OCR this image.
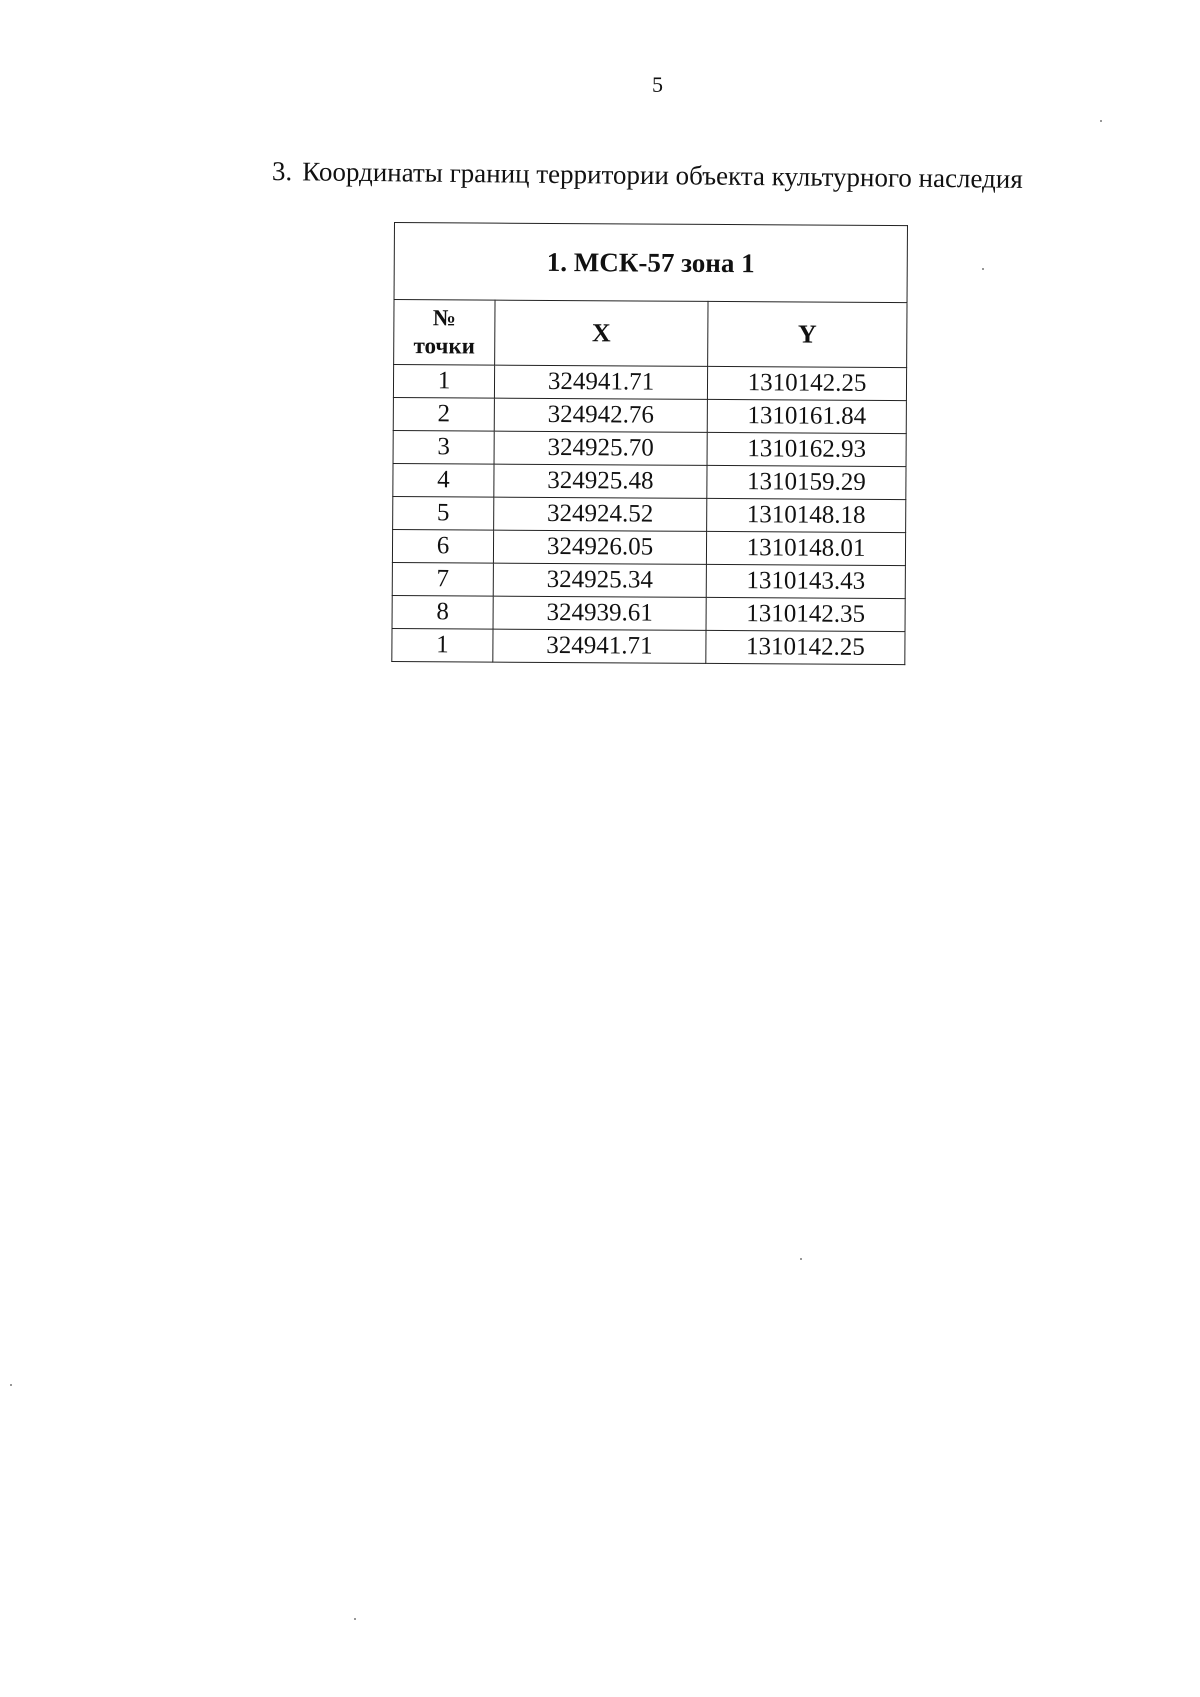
5
3. Координаты границ территории объекта культурного наследия
1. МСК-57 зона 1		
№
точки	X	Y
1	324941.71	1310142.25
2	324942.76	1310161.84
3	324925.70	1310162.93
4	324925.48	1310159.29
5	324924.52	1310148.18
6	324926.05	1310148.01
7	324925.34	1310143.43
8	324939.61	1310142.35
1	324941.71	1310142.25
